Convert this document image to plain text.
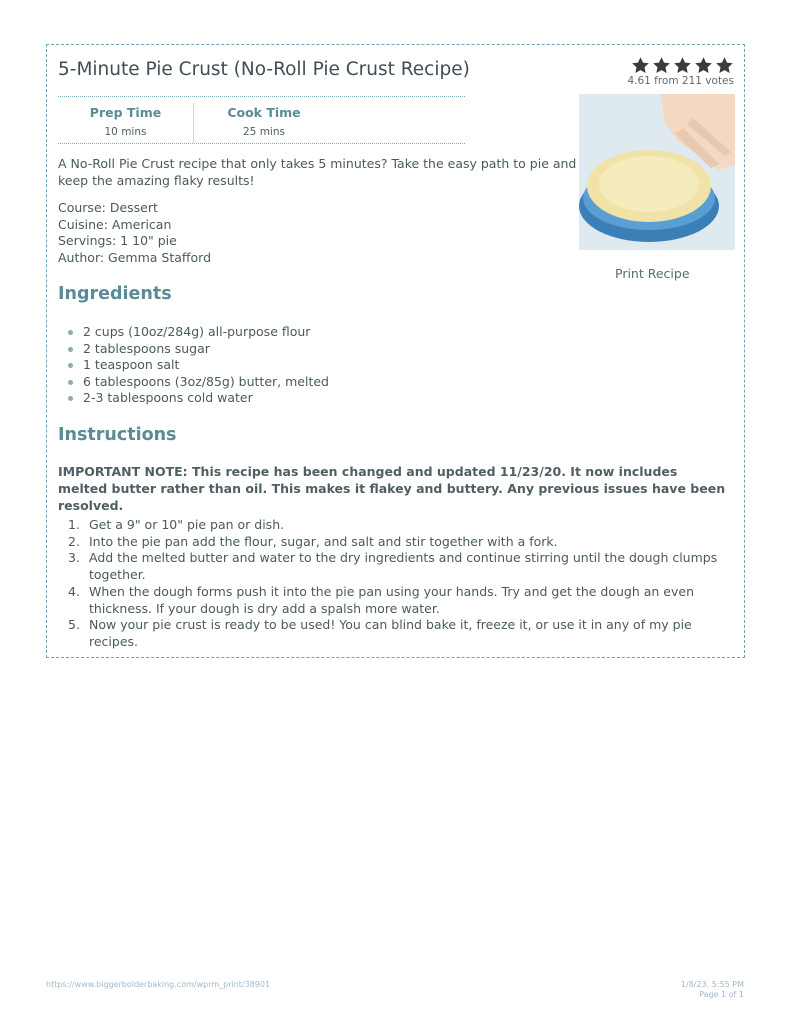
5-Minute Pie Crust (No-Roll Pie Crust Recipe)
4.61 from 211 votes
Prep Time
10 mins
Cook Time
25 mins
Print Recipe
A No-Roll Pie Crust recipe that only takes 5 minutes? Take the easy path to pie and keep the amazing flaky results!
Course: Dessert
Cuisine: American
Servings: 1 10" pie
Author: Gemma Stafford
Ingredients
2 cups (10oz/284g) all-purpose flour
2 tablespoons sugar
1 teaspoon salt
6 tablespoons (3oz/85g) butter, melted
2-3 tablespoons cold water
Instructions
IMPORTANT NOTE: This recipe has been changed and updated 11/23/20. It now includes melted butter rather than oil. This makes it flakey and buttery. Any previous issues have been resolved.
1. Get a 9" or 10" pie pan or dish.
2. Into the pie pan add the flour, sugar, and salt and stir together with a fork.
3. Add the melted butter and water to the dry ingredients and continue stirring until the dough clumps together.
4. When the dough forms push it into the pie pan using your hands. Try and get the dough an even thickness. If your dough is dry add a spalsh more water.
5. Now your pie crust is ready to be used! You can blind bake it, freeze it, or use it in any of my pie recipes.
https://www.biggerbolderbaking.com/wprm_print/38901	1/8/23, 5:55 PM
Page 1 of 1
